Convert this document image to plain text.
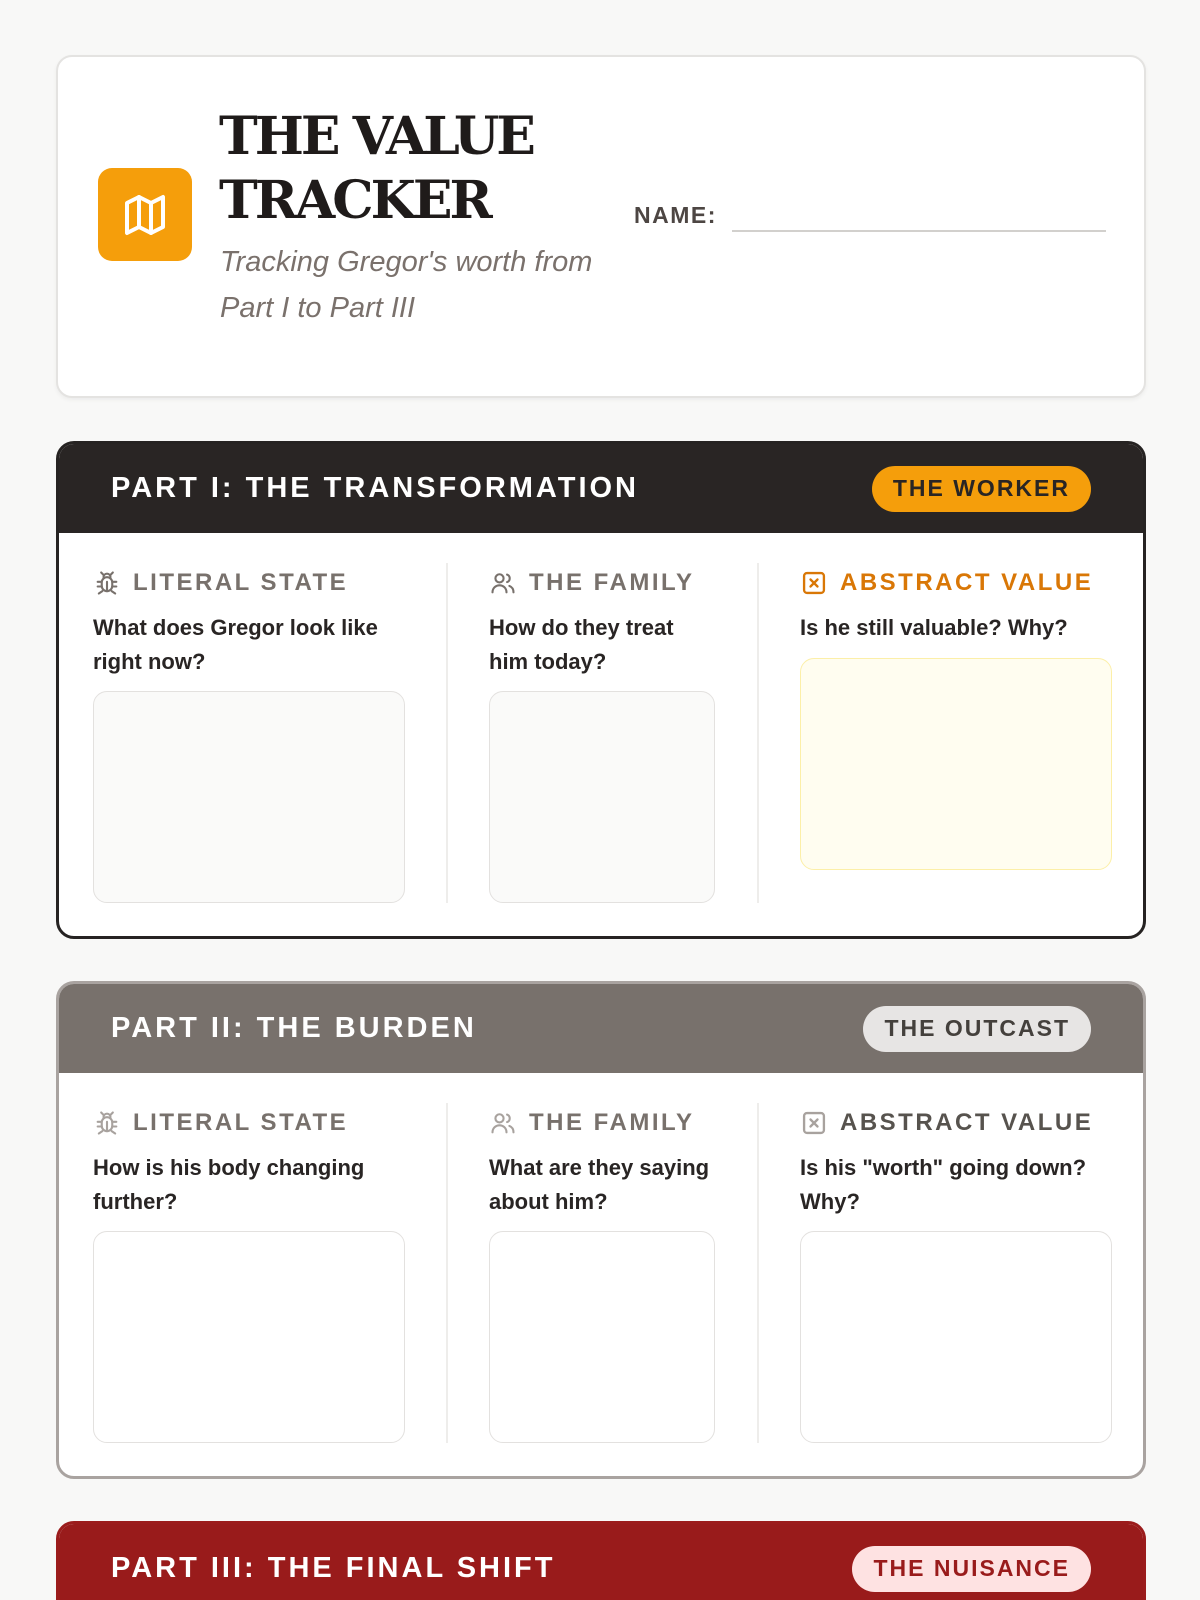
THE VALUE TRACKER
Tracking Gregor's worth from Part I to Part III
NAME:
PART I: THE TRANSFORMATION	THE WORKER
LITERAL STATE
What does Gregor look like right now?
THE FAMILY
How do they treat him today?
ABSTRACT VALUE
Is he still valuable? Why?
PART II: THE BURDEN	THE OUTCAST
LITERAL STATE
How is his body changing further?
THE FAMILY
What are they saying about him?
ABSTRACT VALUE
Is his "worth" going down? Why?
PART III: THE FINAL SHIFT	THE NUISANCE
